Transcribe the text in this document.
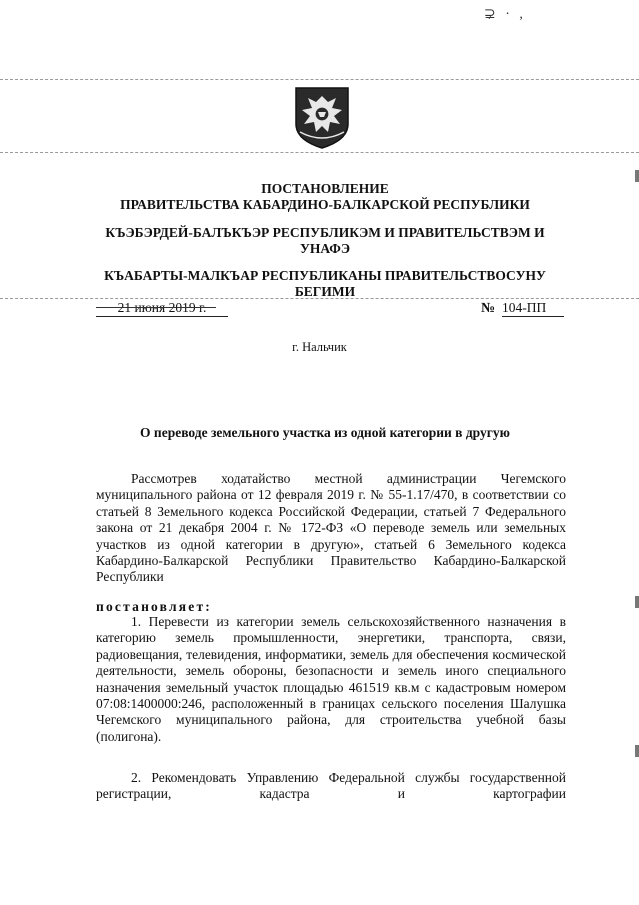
⊋ · ,

ПОСТАНОВЛЕНИЕ

ПРАВИТЕЛЬСТВА КАБАРДИНО-БАЛКАРСКОЙ РЕСПУБЛИКИ

КЪЭБЭРДЕЙ-БАЛЪКЪЭР РЕСПУБЛИКЭМ И ПРАВИТЕЛЬСТВЭМ И

УНАФЭ

КЪАБАРТЫ-МАЛКЪАР РЕСПУБЛИКАНЫ ПРАВИТЕЛЬСТВОСУНУ

БЕГИМИ

21 июня 2019 г.	№ 104-ПП
г. Нальчик
О переводе земельного участка из одной категории в другую
Рассмотрев ходатайство местной администрации Чегемского муниципального района от 12 февраля 2019 г. № 55-1.17/470, в соответствии со статьей 8 Земельного кодекса Российской Федерации, статьей 7 Федерального закона от 21 декабря 2004 г. № 172-ФЗ «О переводе земель или земельных участков из одной категории в другую», статьей 6 Земельного кодекса Кабардино-Балкарской Республики Правительство Кабардино-Балкарской Республики
постановляет:
1. Перевести из категории земель сельскохозяйственного назначения в категорию земель промышленности, энергетики, транспорта, связи, радиовещания, телевидения, информатики, земель для обеспечения космической деятельности, земель обороны, безопасности и земель иного специального назначения земельный участок площадью 461519 кв.м с кадастровым номером 07:08:1400000:246, расположенный в границах сельского поселения Шалушка Чегемского муниципального района, для строительства учебной базы (полигона).
2. Рекомендовать Управлению Федеральной службы государственной регистрации, кадастра и картографии
